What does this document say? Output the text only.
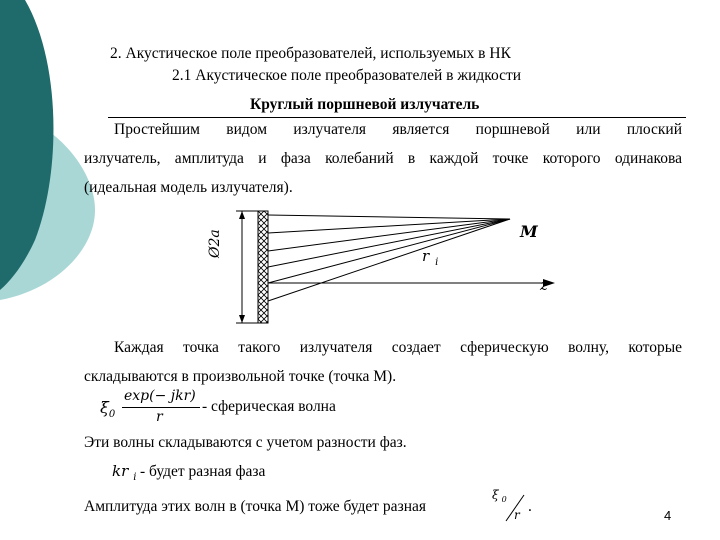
2. Акустическое поле преобразователей, используемых в НК
2.1 Акустическое поле преобразователей в жидкости
Круглый поршневой излучатель
Простейшим видом излучателя является поршневой или плоский
излучатель, амплитуда и фаза колебаний в каждой точке которого одинакова
(идеальная модель излучателя).
Ø2a	M
r $_i$
z
Каждая точка такого излучателя создает сферическую волну, которые
складываются в произвольной точке (точка М).
$\xi_0$
exp(− jkr)
r
- сферическая волна
Эти волны складываются с учетом разности фаз.
kr $_i$ - будет разная фаза
Амплитуда этих волн в (точка М) тоже будет разная
ξ $_0$
r .
4
